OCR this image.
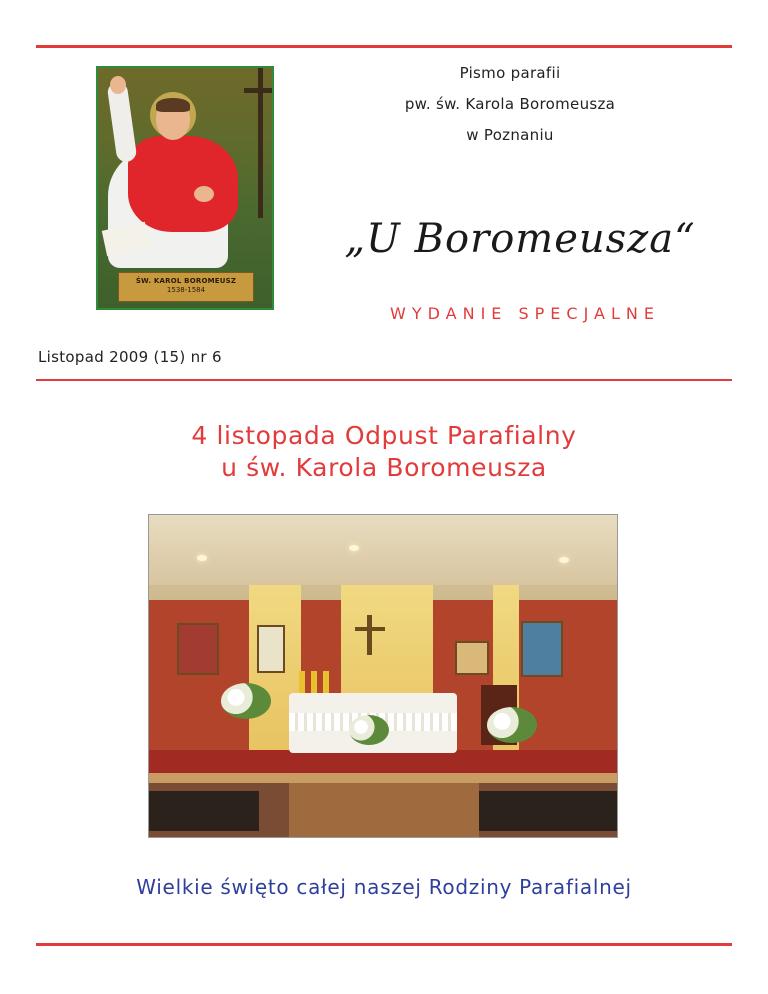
ŚW. KAROL BOROMEUSZ
1538-1584
Pismo parafii
pw. św. Karola Boromeusza
w Poznaniu
„U Boromeusza“
WYDANIE SPECJALNE
Listopad 2009 (15) nr 6
4 listopada Odpust Parafialny
u św. Karola Boromeusza
Wielkie święto całej naszej Rodziny Parafialnej
